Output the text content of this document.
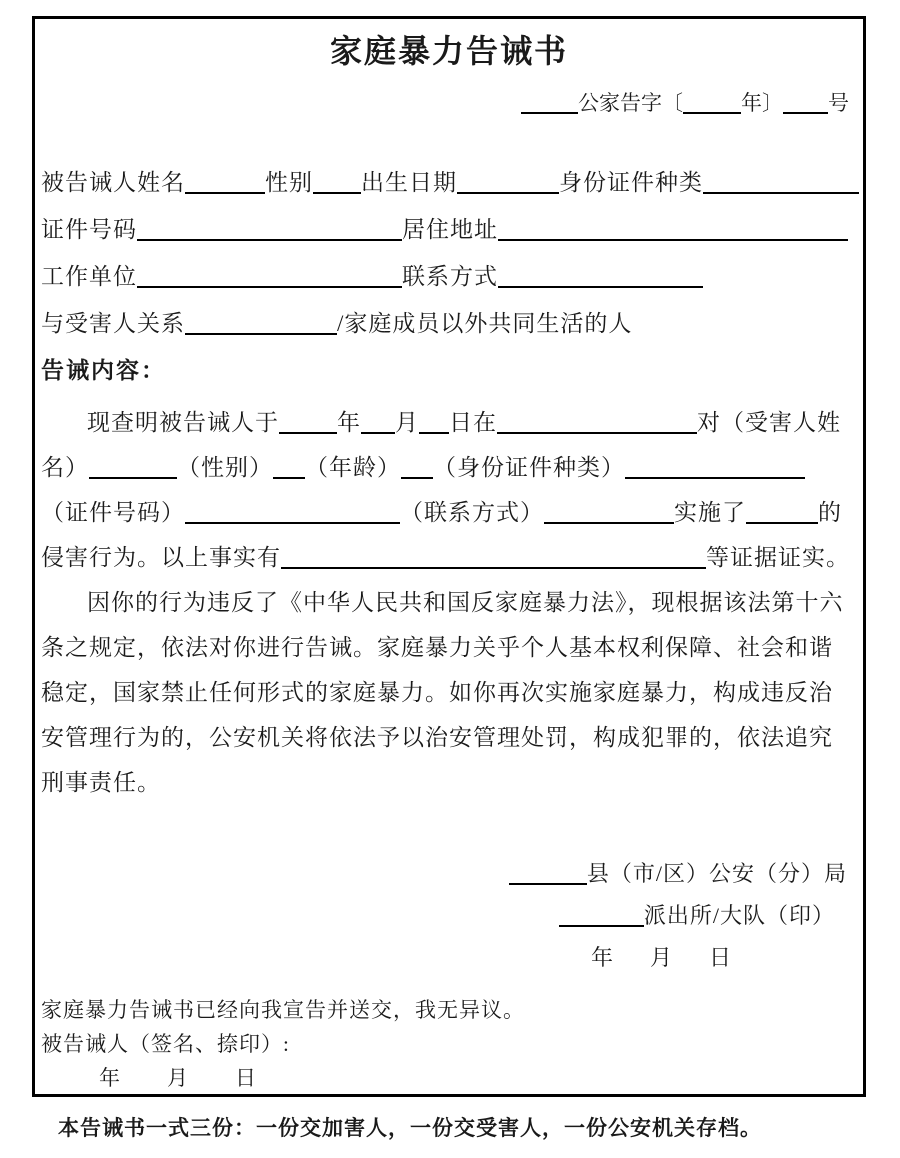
家庭暴力告诫书
公家告字〔	年〕 号
被告诫人姓名	性别 出生日期	身份证件种类
证件号码	居住地址
工作单位	联系方式
与受害人关系	/家庭成员以外共同生活的人
告诫内容：
现查明被告诫人于	年 月 日在	对（受害人姓
名）	（性别） （年龄） （身份证件种类）
（证件号码）	（联系方式）	实施了	的
侵害行为。以上事实有	等证据证实。
因你的行为违反了《中华人民共和国反家庭暴力法》，现根据该法第十六
条之规定，依法对你进行告诫。家庭暴力关乎个人基本权利保障、社会和谐
稳定，国家禁止任何形式的家庭暴力。如你再次实施家庭暴力，构成违反治
安管理行为的，公安机关将依法予以治安管理处罚，构成犯罪的，依法追究
刑事责任。
县（市/区）公安（分）局
派出所/大队（印）
年 月 日
家庭暴力告诫书已经向我宣告并送交，我无异议。
被告诫人（签名、捺印）:
年 月 日
本告诫书一式三份：一份交加害人，一份交受害人，一份公安机关存档。
